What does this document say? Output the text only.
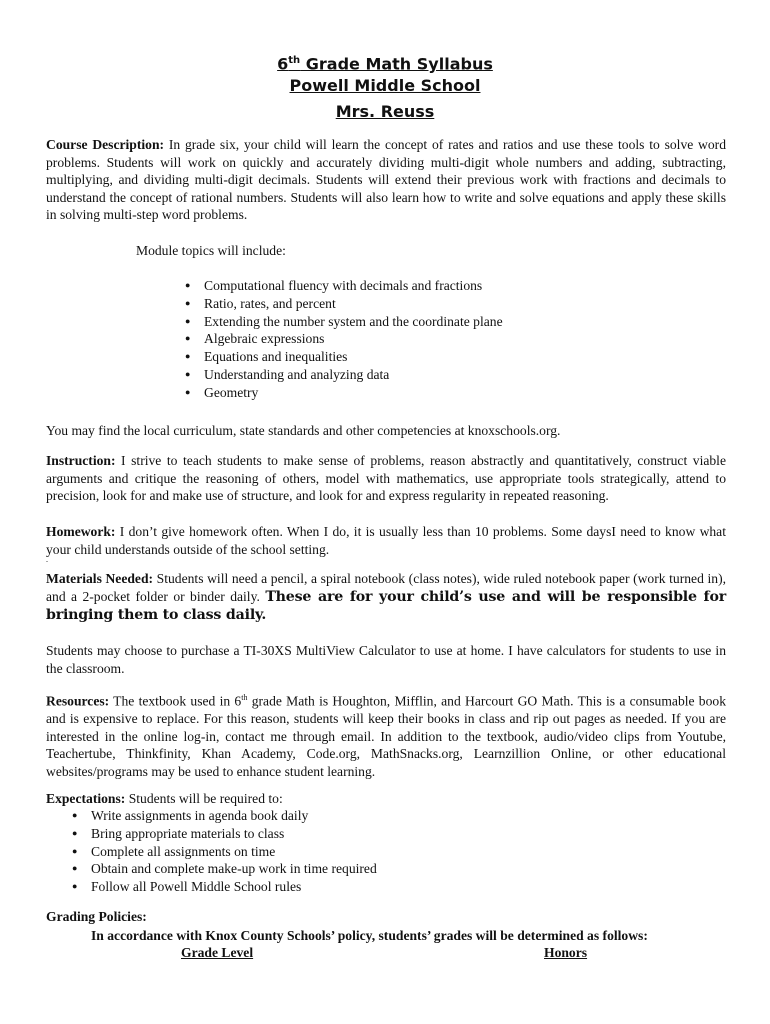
6th Grade Math Syllabus
Powell Middle School
Mrs. Reuss

Course Description: In grade six, your child will learn the concept of rates and ratios and use these tools to solve word problems. Students will work on quickly and accurately dividing multi-digit whole numbers and adding, subtracting, multiplying, and dividing multi-digit decimals. Students will extend their previous work with fractions and decimals to understand the concept of rational numbers. Students will also learn how to write and solve equations and apply these skills in solving multi-step word problems.

Module topics will include:
● Computational fluency with decimals and fractions
● Ratio, rates, and percent
● Extending the number system and the coordinate plane
● Algebraic expressions
● Equations and inequalities
● Understanding and analyzing data
● Geometry

You may find the local curriculum, state standards and other competencies at knoxschools.org.

Instruction: I strive to teach students to make sense of problems, reason abstractly and quantitatively, construct viable arguments and critique the reasoning of others, model with mathematics, use appropriate tools strategically, attend to precision, look for and make use of structure, and look for and express regularity in repeated reasoning.

Homework: I don’t give homework often. When I do, it is usually less than 10 problems. Some daysI need to know what your child understands outside of the school setting.

.

Materials Needed: Students will need a pencil, a spiral notebook (class notes), wide ruled notebook paper (work turned in), and a 2-pocket folder or binder daily. These are for your child’s use and will be responsible for bringing them to class daily.

Students may choose to purchase a TI-30XS MultiView Calculator to use at home. I have calculators for students to use in the classroom.

Resources: The textbook used in 6th grade Math is Houghton, Mifflin, and Harcourt GO Math. This is a consumable book and is expensive to replace. For this reason, students will keep their books in class and rip out pages as needed. If you are interested in the online log-in, contact me through email. In addition to the textbook, audio/video clips from Youtube, Teachertube, Thinkfinity, Khan Academy, Code.org, MathSnacks.org, Learnzillion Online, or other educational websites/programs may be used to enhance student learning.

Expectations: Students will be required to:

● Write assignments in agenda book daily
● Bring appropriate materials to class
● Complete all assignments on time
● Obtain and complete make-up work in time required
● Follow all Powell Middle School rules
Grading Policies:
In accordance with Knox County Schools’ policy, students’ grades will be determined as follows:
Grade Level	Honors
